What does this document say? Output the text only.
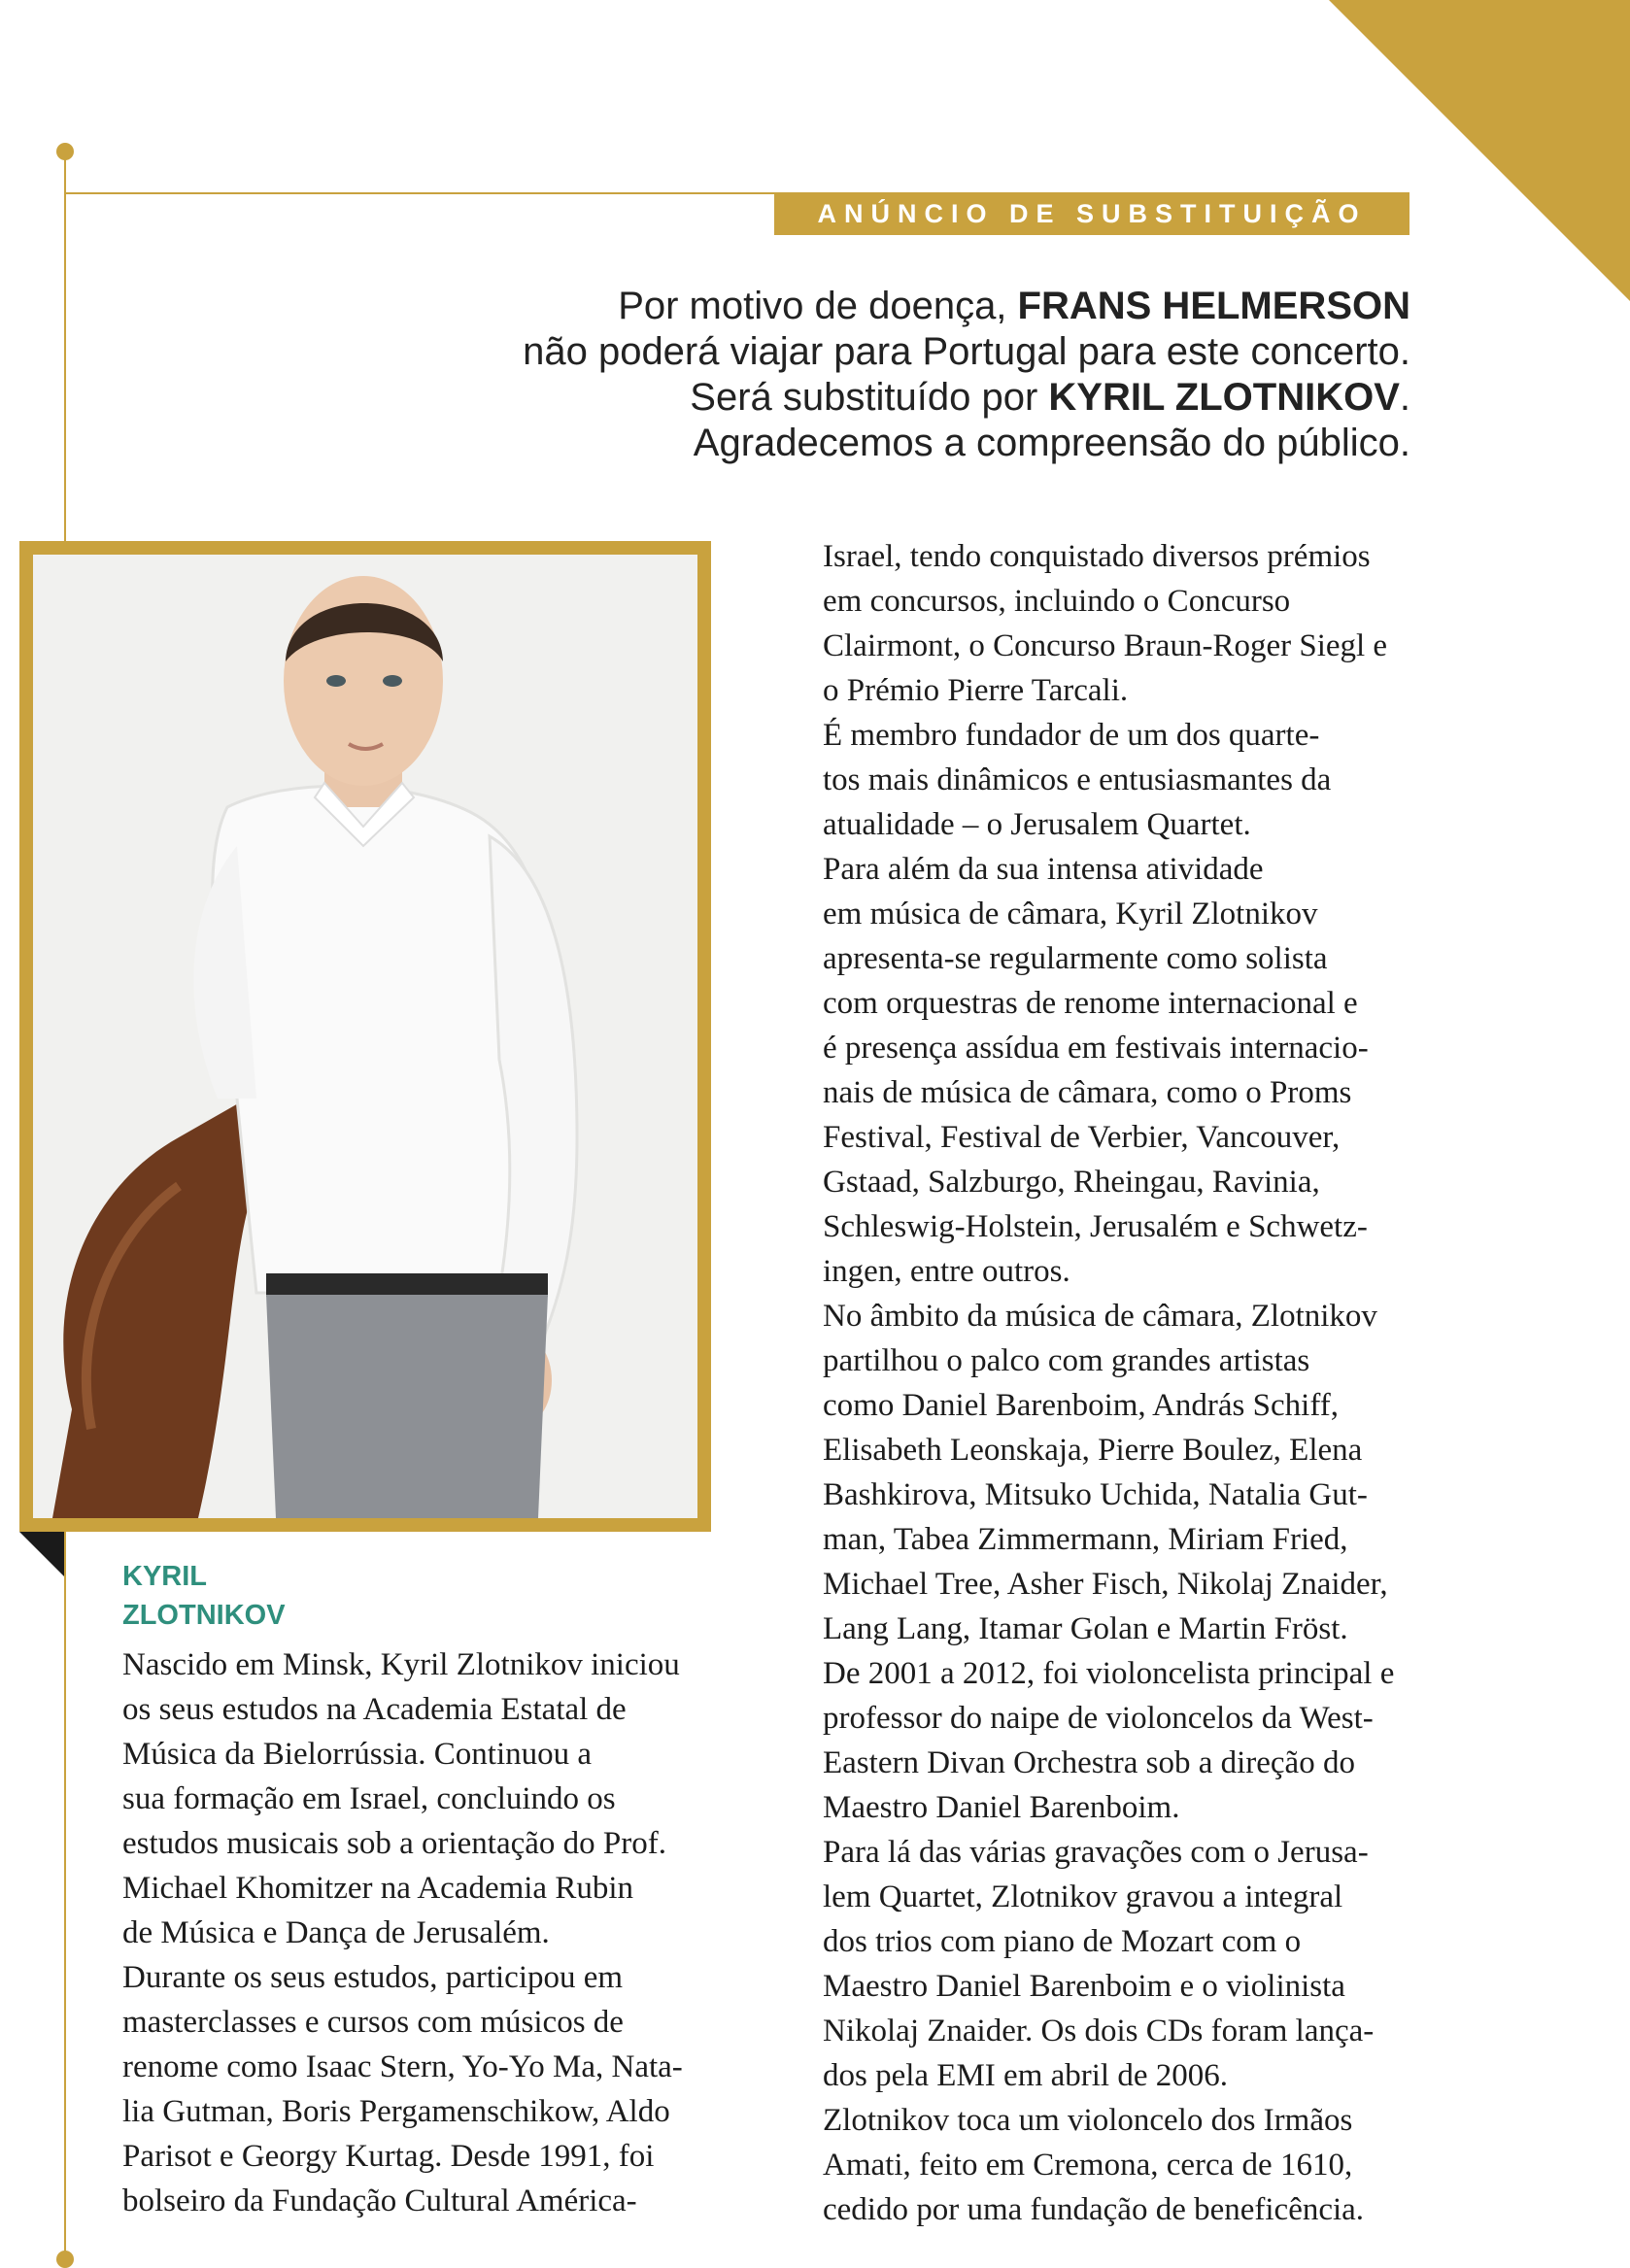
ANÚNCIO DE SUBSTITUIÇÃO
Por motivo de doença, FRANS HELMERSON
não poderá viajar para Portugal para este concerto.
Será substituído por KYRIL ZLOTNIKOV.
Agradecemos a compreensão do público.
KYRIL
ZLOTNIKOV

Nascido em Minsk, Kyril Zlotnikov iniciou

os seus estudos na Academia Estatal de

Música da Bielorrússia. Continuou a

sua formação em Israel, concluindo os

estudos musicais sob a orientação do Prof.

Michael Khomitzer na Academia Rubin

de Música e Dança de Jerusalém.

Durante os seus estudos, participou em

masterclasses e cursos com músicos de

renome como Isaac Stern, Yo-Yo Ma, Nata-

lia Gutman, Boris Pergamenschikow, Aldo

Parisot e Georgy Kurtag. Desde 1991, foi

bolseiro da Fundação Cultural América-

Israel, tendo conquistado diversos prémios

em concursos, incluindo o Concurso

Clairmont, o Concurso Braun-Roger Siegl e

o Prémio Pierre Tarcali.

É membro fundador de um dos quarte-

tos mais dinâmicos e entusiasmantes da

atualidade – o Jerusalem Quartet.

Para além da sua intensa atividade

em música de câmara, Kyril Zlotnikov

apresenta-se regularmente como solista

com orquestras de renome internacional e

é presença assídua em festivais internacio-

nais de música de câmara, como o Proms

Festival, Festival de Verbier, Vancouver,

Gstaad, Salzburgo, Rheingau, Ravinia,

Schleswig-Holstein, Jerusalém e Schwetz-

ingen, entre outros.

No âmbito da música de câmara, Zlotnikov

partilhou o palco com grandes artistas

como Daniel Barenboim, András Schiff,

Elisabeth Leonskaja, Pierre Boulez, Elena

Bashkirova, Mitsuko Uchida, Natalia Gut-

man, Tabea Zimmermann, Miriam Fried,

Michael Tree, Asher Fisch, Nikolaj Znaider,

Lang Lang, Itamar Golan e Martin Fröst.

De 2001 a 2012, foi violoncelista principal e

professor do naipe de violoncelos da West-

Eastern Divan Orchestra sob a direção do

Maestro Daniel Barenboim.

Para lá das várias gravações com o Jerusa-

lem Quartet, Zlotnikov gravou a integral

dos trios com piano de Mozart com o

Maestro Daniel Barenboim e o violinista

Nikolaj Znaider. Os dois CDs foram lança-

dos pela EMI em abril de 2006.

Zlotnikov toca um violoncelo dos Irmãos

Amati, feito em Cremona, cerca de 1610,

cedido por uma fundação de beneficência.
